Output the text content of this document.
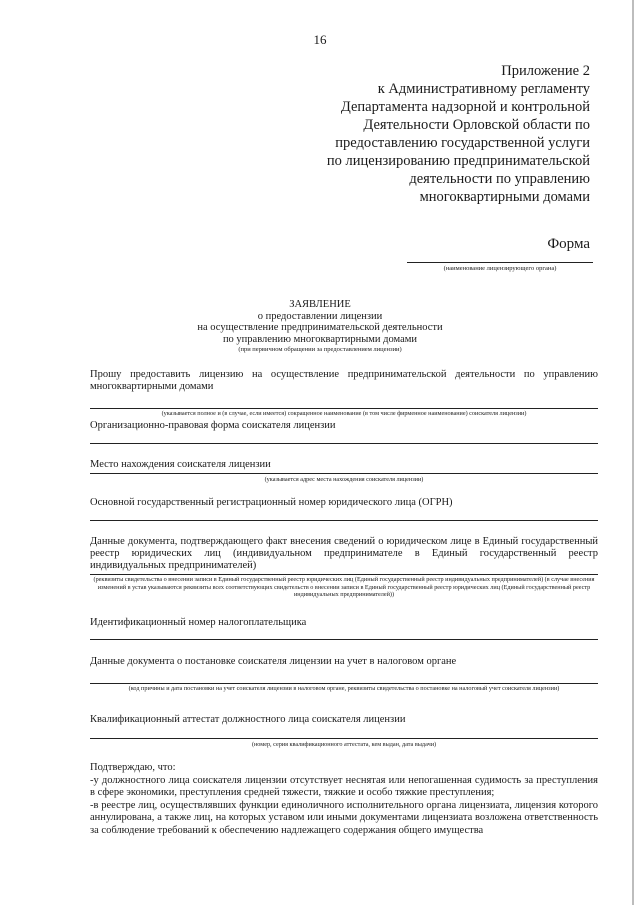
16
Приложение 2
к Административному регламенту
Департамента надзорной и контрольной
Деятельности Орловской области по
предоставлению государственной услуги
по лицензированию предпринимательской
деятельности по управлению
многоквартирными домами
Форма
(наименование лицензирующего органа)
ЗАЯВЛЕНИЕ
о предоставлении лицензии
на осуществление предпринимательской деятельности
по управлению многоквартирными домами
(при первичном обращении за предоставлением лицензии)
Прошу предоставить лицензию на осуществление предпринимательской деятельности по управлению многоквартирными домами
(указывается полное и (в случае, если имеется) сокращенное наименование (в том числе фирменное наименование) соискателя лицензии)
Организационно-правовая форма соискателя лицензии
Место нахождения соискателя лицензии
(указывается адрес места нахождения соискателя лицензии)
Основной государственный регистрационный номер юридического лица (ОГРН)
Данные документа, подтверждающего факт внесения сведений о юридическом лице в Единый государственный реестр юридических лиц (индивидуальном предпринимателе в Единый государственный реестр индивидуальных предпринимателей)
(реквизиты свидетельства о внесении записи в Единый государственный реестр юридических лиц (Единый государственный реестр индивидуальных предпринимателей) (в случае внесения изменений в устав указываются реквизиты всех соответствующих свидетельств о внесении записи в Единый государственный реестр юридических лиц (Единый государственный реестр индивидуальных предпринимателей))
Идентификационный номер налогоплательщика
Данные документа о постановке соискателя лицензии на учет в налоговом органе
(код причины и дата постановки на учет соискателя лицензии в налоговом органе, реквизиты свидетельства о постановке на налоговый учет соискателя лицензии)
Квалификационный аттестат должностного лица соискателя лицензии
(номер, серия квалификационного аттестата, кем выдан, дата выдачи)

Подтверждаю, что:

-у должностного лица соискателя лицензии отсутствует неснятая или непогашенная судимость за преступления в сфере экономики, преступления средней тяжести, тяжкие и особо тяжкие преступления;

-в реестре лиц, осуществлявших функции единоличного исполнительного органа лицензиата, лицензия которого аннулирована, а также лиц, на которых уставом или иными документами лицензиата возложена ответственность за соблюдение требований к обеспечению надлежащего содержания общего имущества
